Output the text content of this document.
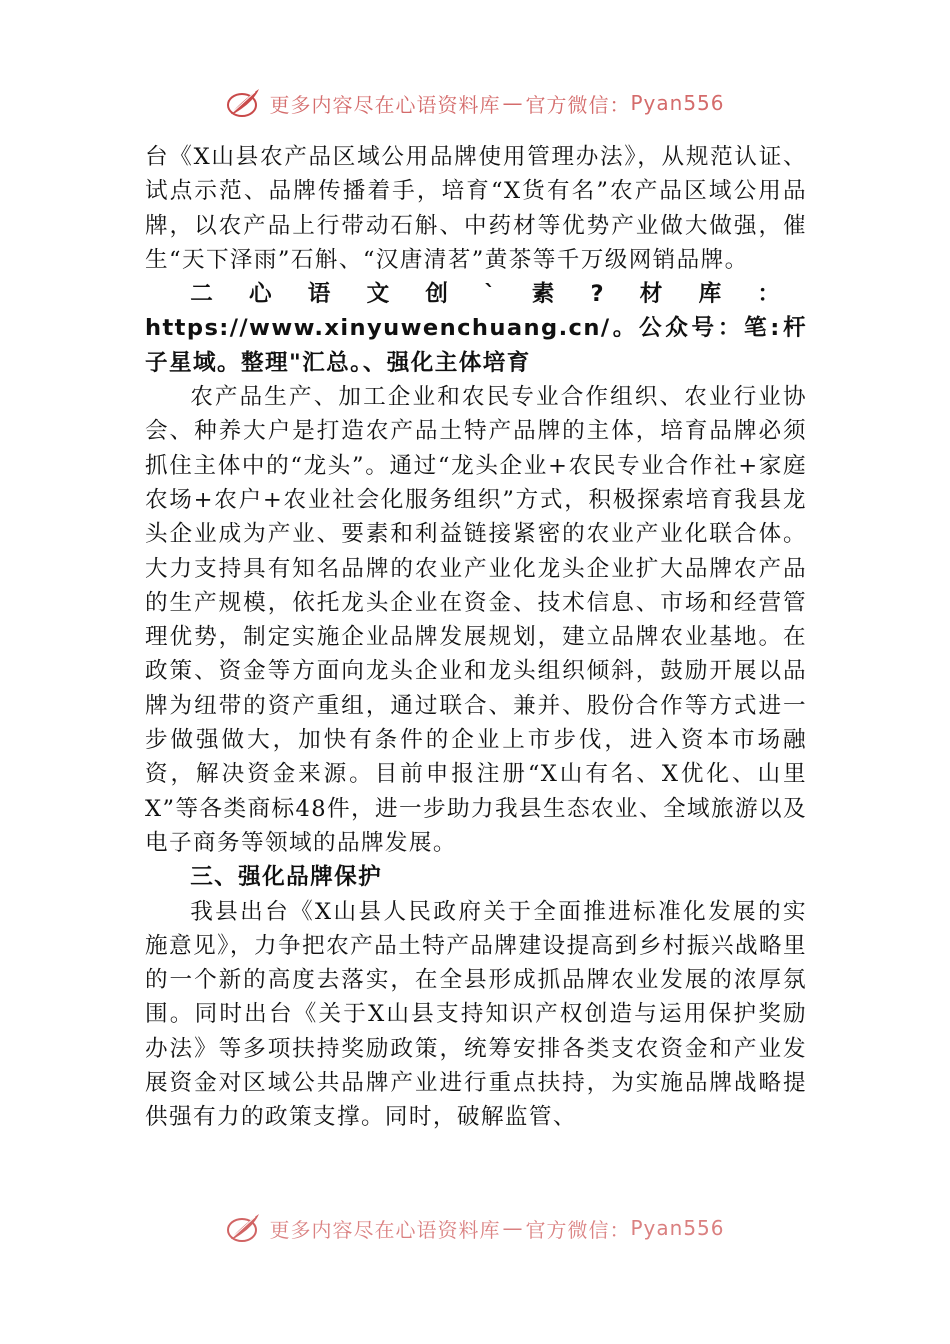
更多内容尽在心语资料库 — 官方微信： Pyan556

台《X山县农产品区域公用品牌使用管理办法》，从规范认证、试点示范、品牌传播着手，培育“X货有名”农产品区域公用品牌，以农产品上行带动石斛、中药材等优势产业做大做强，催生“天下泽雨”石斛、“汉唐清茗”黄茶等千万级网销品牌。

二心语文创`素?材库：https://www.xinyuwenchuang.cn/。公众号：笔:杆子星域。整理"汇总。、强化主体培育

农产品生产、加工企业和农民专业合作组织、农业行业协会、种养大户是打造农产品土特产品牌的主体，培育品牌必须抓住主体中的“龙头”。通过“龙头企业+农民专业合作社+家庭农场+农户+农业社会化服务组织”方式，积极探索培育我县龙头企业成为产业、要素和利益链接紧密的农业产业化联合体。大力支持具有知名品牌的农业产业化龙头企业扩大品牌农产品的生产规模，依托龙头企业在资金、技术信息、市场和经营管理优势，制定实施企业品牌发展规划，建立品牌农业基地。在政策、资金等方面向龙头企业和龙头组织倾斜，鼓励开展以品牌为纽带的资产重组，通过联合、兼并、股份合作等方式进一步做强做大，加快有条件的企业上市步伐，进入资本市场融资，解决资金来源。目前申报注册“X山有名、X优化、山里X”等各类商标48件，进一步助力我县生态农业、全域旅游以及电子商务等领域的品牌发展。

三、强化品牌保护

我县出台《X山县人民政府关于全面推进标准化发展的实施意见》，力争把农产品土特产品牌建设提高到乡村振兴战略里的一个新的高度去落实，在全县形成抓品牌农业发展的浓厚氛围。同时出台《关于X山县支持知识产权创造与运用保护奖励办法》等多项扶持奖励政策，统筹安排各类支农资金和产业发展资金对区域公共品牌产业进行重点扶持，为实施品牌战略提供强有力的政策支撑。同时，破解监管、

更多内容尽在心语资料库 — 官方微信： Pyan556
